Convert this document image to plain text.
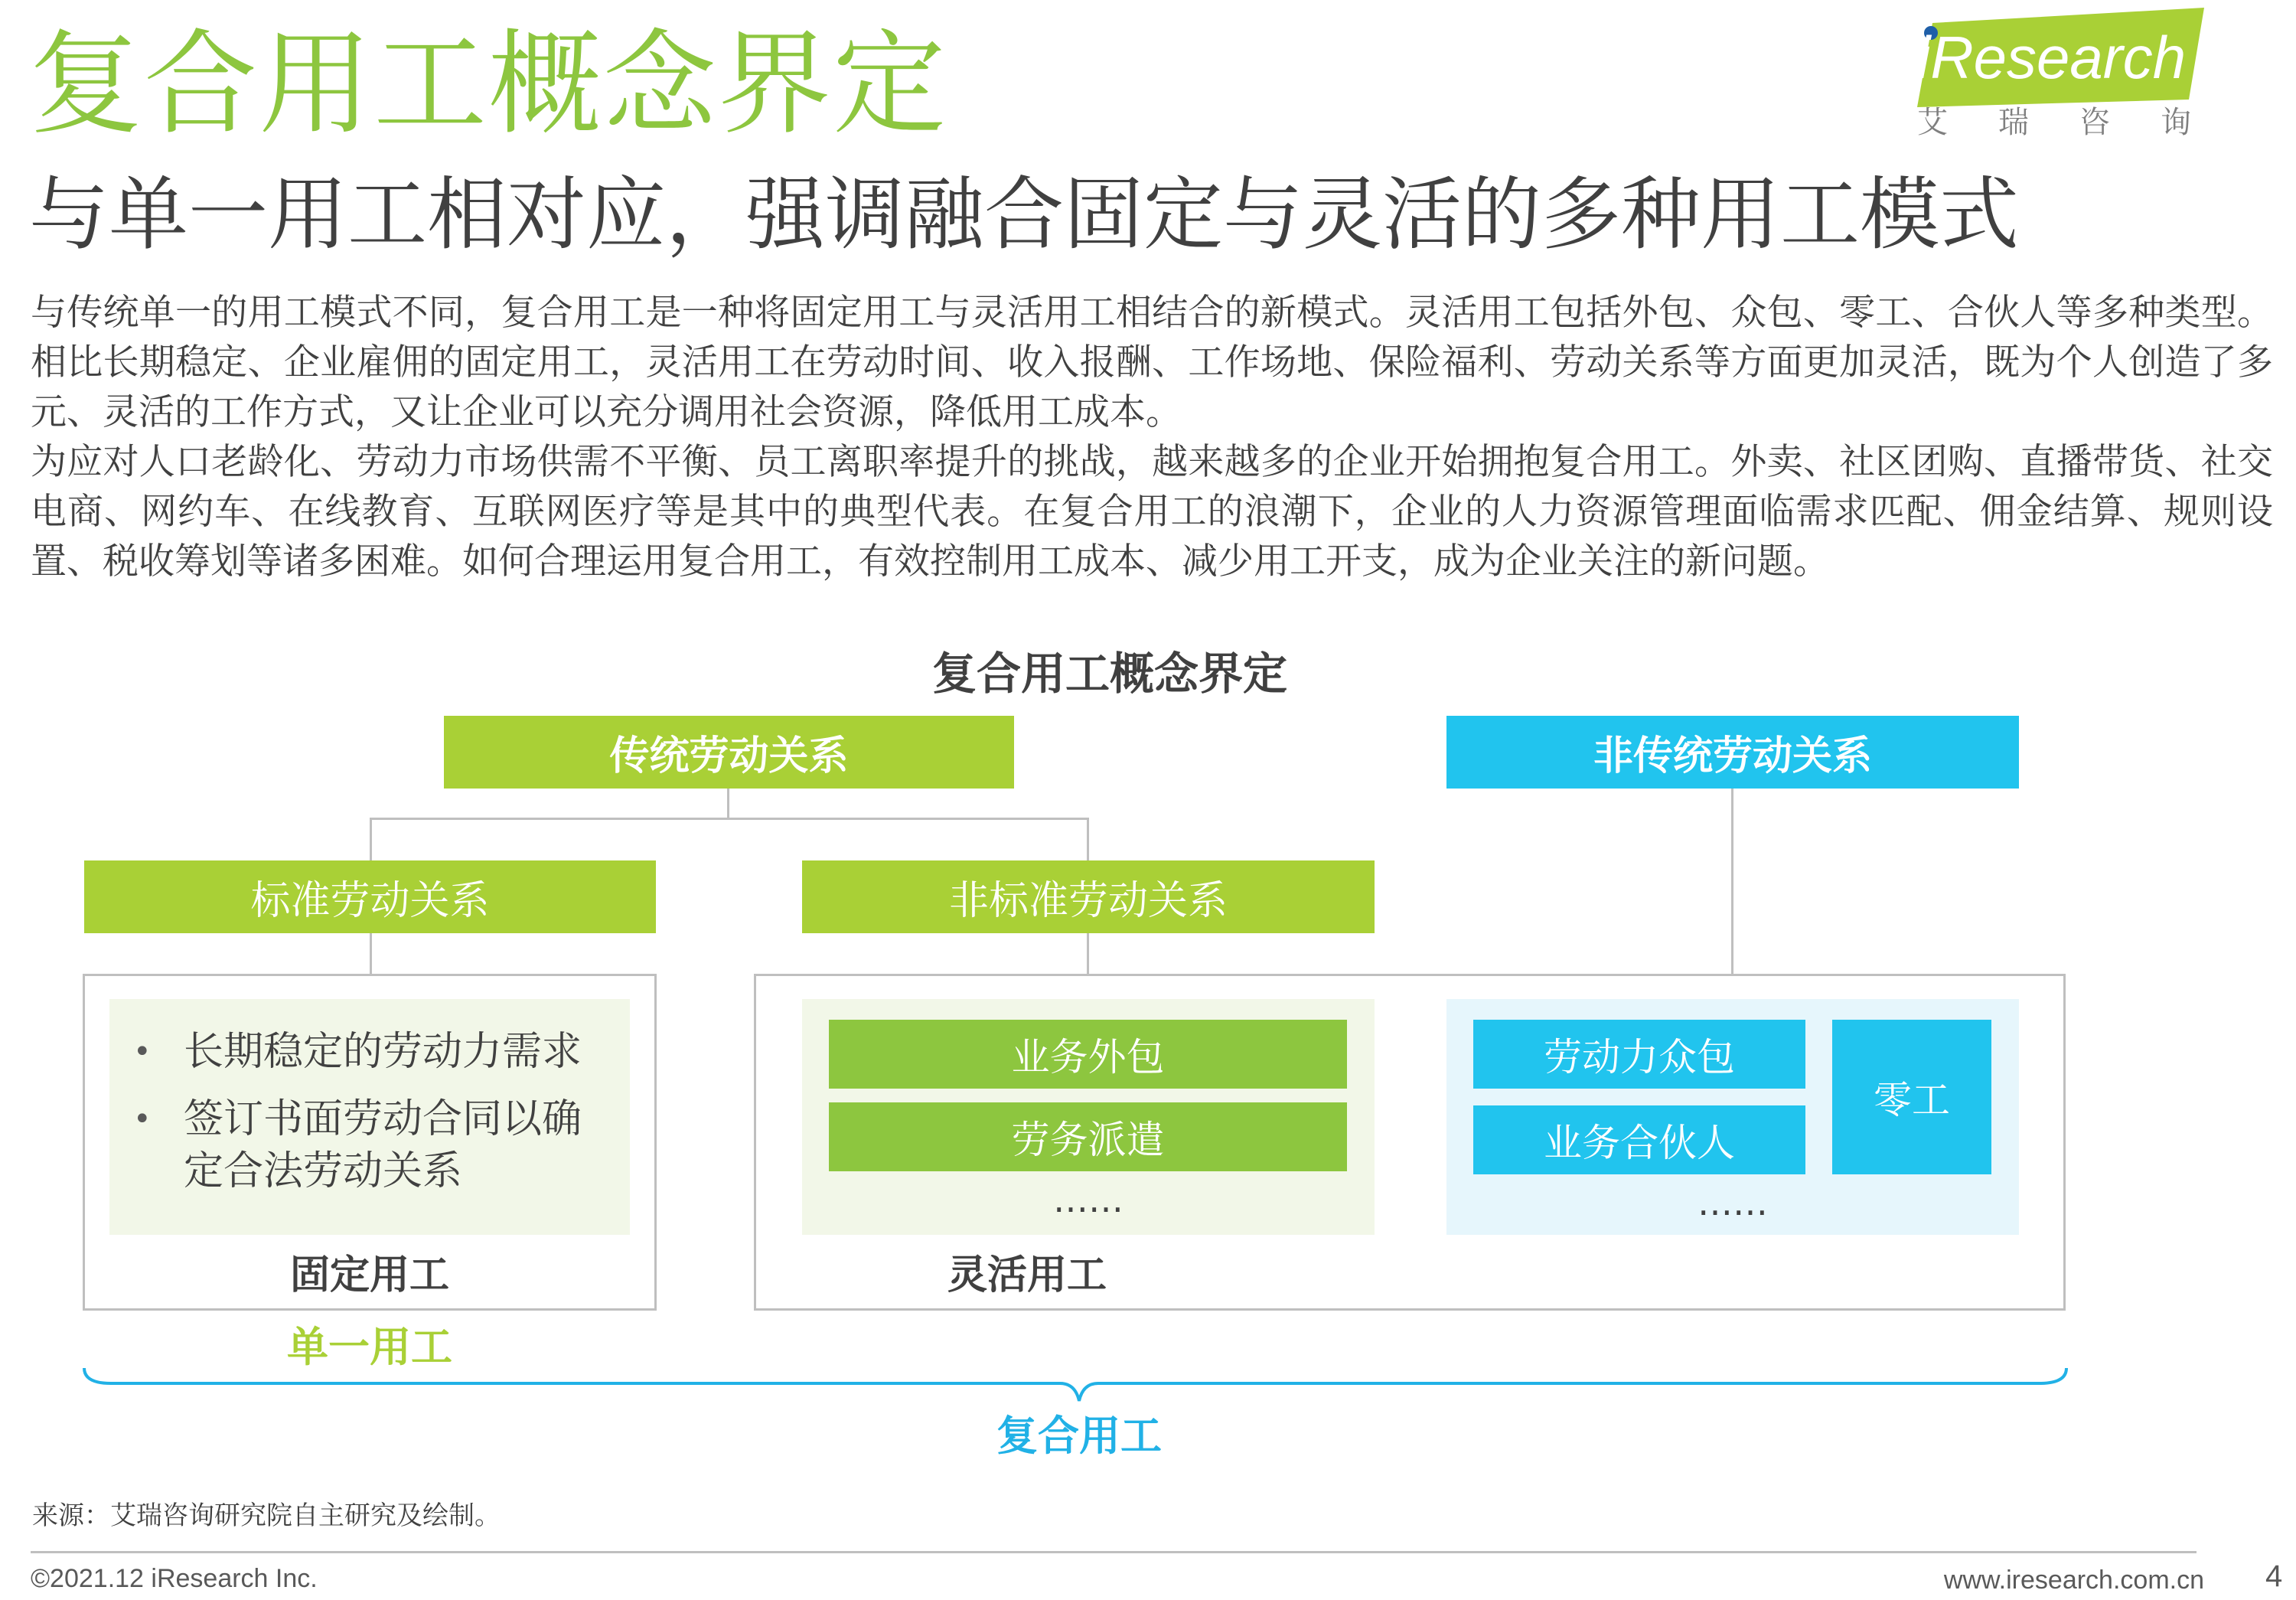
复合用工概念界定
与单一用工相对应，强调融合固定与灵活的多种用工模式
iResearch
艾瑞咨询

与传统单一的用工模式不同，复合用工是一种将固定用工与灵活用工相结合的新模式。灵活用工包括外包、众包、零工、合伙人等多种类型。相比长期稳定、企业雇佣的固定用工，灵活用工在劳动时间、收入报酬、工作场地、保险福利、劳动关系等方面更加灵活，既为个人创造了多元、灵活的工作方式，又让企业可以充分调用社会资源，降低用工成本。

为应对人口老龄化、劳动力市场供需不平衡、员工离职率提升的挑战，越来越多的企业开始拥抱复合用工。外卖、社区团购、直播带货、社交电商、网约车、在线教育、互联网医疗等是其中的典型代表。在复合用工的浪潮下，企业的人力资源管理面临需求匹配、佣金结算、规则设置、税收筹划等诸多困难。如何合理运用复合用工，有效控制用工成本、减少用工开支，成为企业关注的新问题。

复合用工概念界定
传统劳动关系	非传统劳动关系
标准劳动关系	非标准劳动关系
• 长期稳定的劳动力需求
• 签订书面劳动合同以确定合法劳动关系
固定用工
业务外包
劳务派遣
……
劳动力众包
业务合伙人
零工
……
灵活用工
单一用工
复合用工
来源：艾瑞咨询研究院自主研究及绘制。
©2021.12 iResearch Inc.	www.iresearch.com.cn 4
